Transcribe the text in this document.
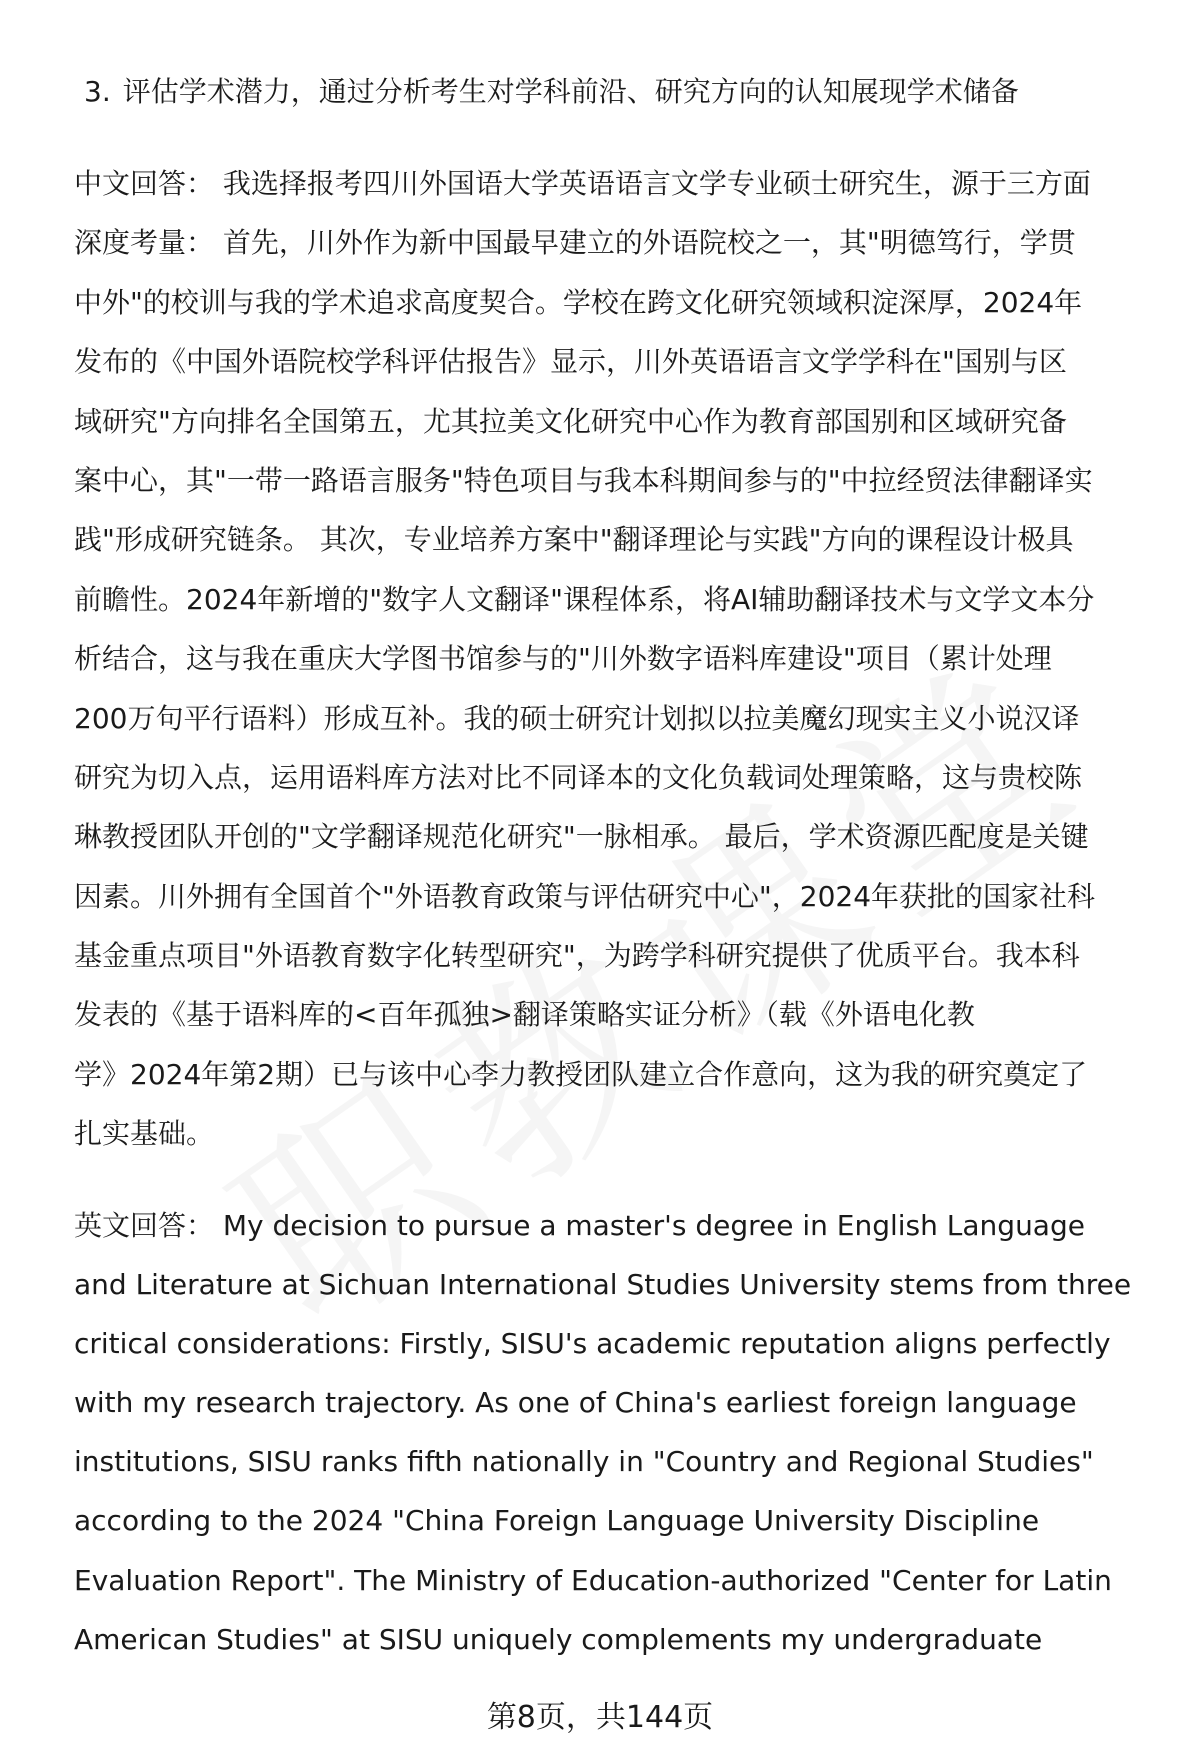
3. 评估学术潜力，通过分析考生对学科前沿、研究方向的认知展现学术储备
中文回答： 我选择报考四川外国语大学英语语言文学专业硕士研究生，源于三方面
深度考量： 首先，川外作为新中国最早建立的外语院校之一，其"明德笃行，学贯
中外"的校训与我的学术追求高度契合。学校在跨文化研究领域积淀深厚，2024年
发布的《中国外语院校学科评估报告》显示，川外英语语言文学学科在"国别与区
域研究"方向排名全国第五，尤其拉美文化研究中心作为教育部国别和区域研究备
案中心，其"一带一路语言服务"特色项目与我本科期间参与的"中拉经贸法律翻译实
践"形成研究链条。 其次，专业培养方案中"翻译理论与实践"方向的课程设计极具
前瞻性。2024年新增的"数字人文翻译"课程体系，将AI辅助翻译技术与文学文本分
析结合，这与我在重庆大学图书馆参与的"川外数字语料库建设"项目（累计处理
200万句平行语料）形成互补。我的硕士研究计划拟以拉美魔幻现实主义小说汉译
研究为切入点，运用语料库方法对比不同译本的文化负载词处理策略，这与贵校陈
琳教授团队开创的"文学翻译规范化研究"一脉相承。 最后，学术资源匹配度是关键
因素。川外拥有全国首个"外语教育政策与评估研究中心"，2024年获批的国家社科
基金重点项目"外语教育数字化转型研究"，为跨学科研究提供了优质平台。我本科
发表的《基于语料库的<百年孤独>翻译策略实证分析》（载《外语电化教
学》2024年第2期）已与该中心李力教授团队建立合作意向，这为我的研究奠定了
扎实基础。
英文回答： My decision to pursue a master's degree in English Language
and Literature at Sichuan International Studies University stems from three
critical considerations: Firstly, SISU's academic reputation aligns perfectly
with my research trajectory. As one of China's earliest foreign language
institutions, SISU ranks fifth nationally in "Country and Regional Studies"
according to the 2024 "China Foreign Language University Discipline
Evaluation Report". The Ministry of Education-authorized "Center for Latin
American Studies" at SISU uniquely complements my undergraduate
第8页，共144页
